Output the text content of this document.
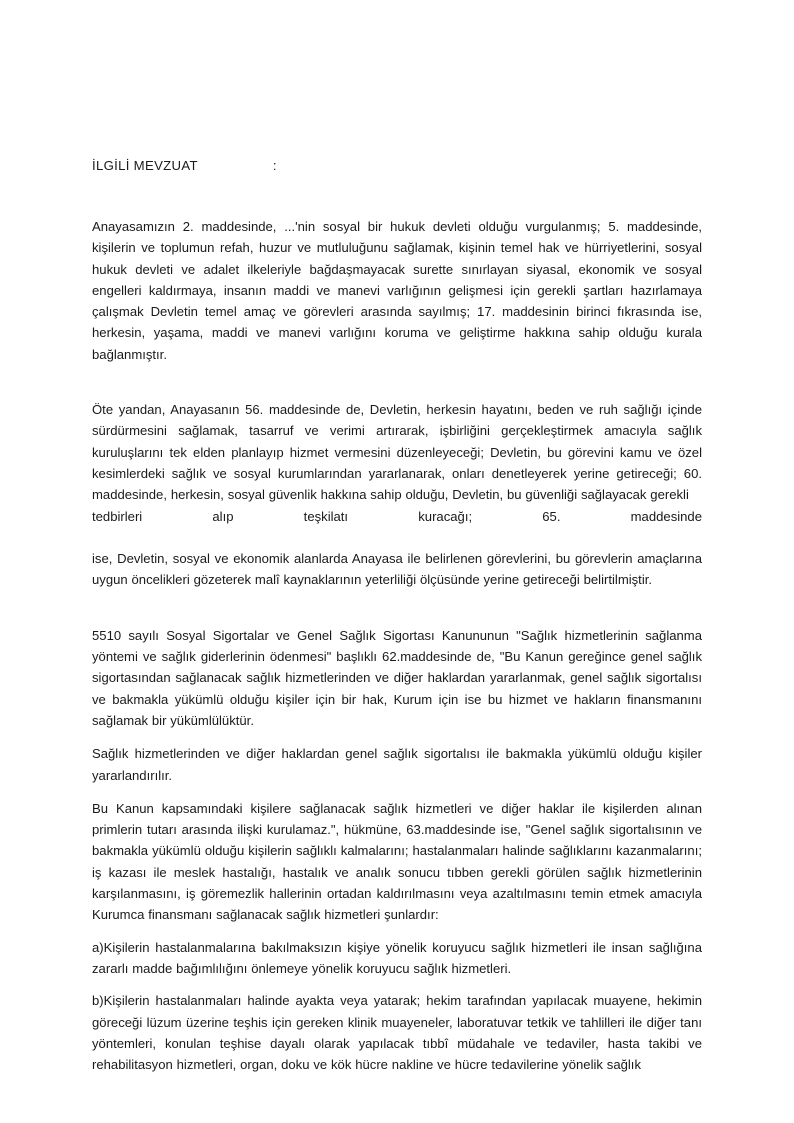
İLGİLİ MEVZUAT                   :

Anayasamızın 2. maddesinde, ...'nin sosyal bir hukuk devleti olduğu vurgulanmış; 5. maddesinde, kişilerin ve toplumun refah, huzur ve mutluluğunu sağlamak, kişinin temel hak ve hürriyetlerini, sosyal hukuk devleti ve adalet ilkeleriyle bağdaşmayacak surette sınırlayan siyasal, ekonomik ve sosyal engelleri kaldırmaya, insanın maddi ve manevi varlığının gelişmesi için gerekli şartları hazırlamaya çalışmak Devletin temel amaç ve görevleri arasında sayılmış; 17. maddesinin birinci fıkrasında ise, herkesin, yaşama, maddi ve manevi varlığını koruma ve geliştirme hakkına sahip olduğu kurala bağlanmıştır.

Öte yandan, Anayasanın 56. maddesinde de, Devletin, herkesin hayatını, beden ve ruh sağlığı içinde sürdürmesini sağlamak, tasarruf ve verimi artırarak, işbirliğini gerçekleştirmek amacıyla sağlık kuruluşlarını tek elden planlayıp hizmet vermesini düzenleyeceği; Devletin, bu görevini kamu ve özel kesimlerdeki sağlık ve sosyal kurumlarından yararlanarak, onları denetleyerek yerine getireceği; 60. maddesinde, herkesin, sosyal güvenlik hakkına sahip olduğu, Devletin, bu güvenliği sağlayacak gerekli

tedbirleri alıp teşkilatı kuracağı; 65. maddesinde

ise, Devletin, sosyal ve ekonomik alanlarda Anayasa ile belirlenen görevlerini, bu görevlerin amaçlarına uygun öncelikleri gözeterek malî kaynaklarının yeterliliği ölçüsünde yerine getireceği belirtilmiştir.

5510 sayılı Sosyal Sigortalar ve Genel Sağlık Sigortası Kanununun "Sağlık hizmetlerinin sağlanma yöntemi ve sağlık giderlerinin ödenmesi" başlıklı 62.maddesinde de, "Bu Kanun gereğince genel sağlık sigortasından sağlanacak sağlık hizmetlerinden ve diğer haklardan yararlanmak, genel sağlık sigortalısı ve bakmakla yükümlü olduğu kişiler için bir hak, Kurum için ise bu hizmet ve hakların finansmanını sağlamak bir yükümlülüktür.

Sağlık hizmetlerinden ve diğer haklardan genel sağlık sigortalısı ile bakmakla yükümlü olduğu kişiler yararlandırılır.

Bu Kanun kapsamındaki kişilere sağlanacak sağlık hizmetleri ve diğer haklar ile kişilerden alınan primlerin tutarı arasında ilişki kurulamaz.", hükmüne, 63.maddesinde ise, "Genel sağlık sigortalısının ve bakmakla yükümlü olduğu kişilerin sağlıklı kalmalarını; hastalanmaları halinde sağlıklarını kazanmalarını; iş kazası ile meslek hastalığı, hastalık ve analık sonucu tıbben gerekli görülen sağlık hizmetlerinin karşılanmasını, iş göremezlik hallerinin ortadan kaldırılmasını veya azaltılmasını temin etmek amacıyla Kurumca finansmanı sağlanacak sağlık hizmetleri şunlardır:

a)Kişilerin hastalanmalarına bakılmaksızın kişiye yönelik koruyucu sağlık hizmetleri ile insan sağlığına zararlı madde bağımlılığını önlemeye yönelik koruyucu sağlık hizmetleri.

b)Kişilerin hastalanmaları halinde ayakta veya yatarak; hekim tarafından yapılacak muayene, hekimin göreceği lüzum üzerine teşhis için gereken klinik muayeneler, laboratuvar tetkik ve tahlilleri ile diğer tanı yöntemleri, konulan teşhise dayalı olarak yapılacak tıbbî müdahale ve tedaviler, hasta takibi ve rehabilitasyon hizmetleri, organ, doku ve kök hücre nakline ve hücre tedavilerine yönelik sağlık
